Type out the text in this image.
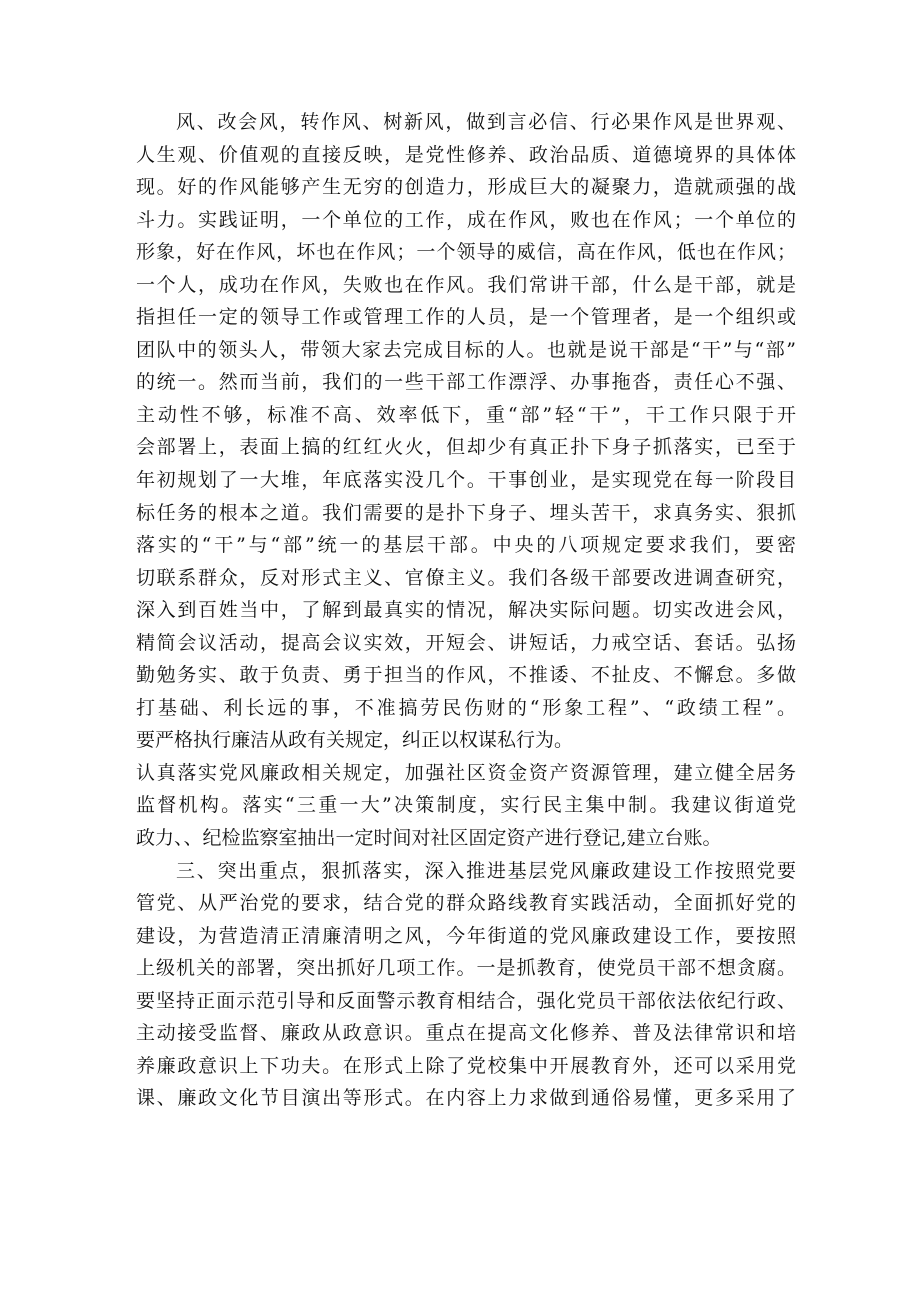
风、改会风，转作风、树新风，做到言必信、行必果作风是世界观、
人生观、价值观的直接反映，是党性修养、政治品质、道德境界的具体体
现。好的作风能够产生无穷的创造力，形成巨大的凝聚力，造就顽强的战
斗力。实践证明，一个单位的工作，成在作风，败也在作风；一个单位的
形象，好在作风，坏也在作风；一个领导的威信，高在作风，低也在作风；
一个人，成功在作风，失败也在作风。我们常讲干部，什么是干部，就是
指担任一定的领导工作或管理工作的人员，是一个管理者，是一个组织或
团队中的领头人，带领大家去完成目标的人。也就是说干部是“干”与“部”
的统一。然而当前，我们的一些干部工作漂浮、办事拖沓，责任心不强、
主动性不够，标准不高、效率低下，重“部”轻“干”，干工作只限于开
会部署上，表面上搞的红红火火，但却少有真正扑下身子抓落实，已至于
年初规划了一大堆，年底落实没几个。干事创业，是实现党在每一阶段目
标任务的根本之道。我们需要的是扑下身子、埋头苦干，求真务实、狠抓
落实的“干”与“部”统一的基层干部。中央的八项规定要求我们，要密
切联系群众，反对形式主义、官僚主义。我们各级干部要改进调查研究，
深入到百姓当中，了解到最真实的情况，解决实际问题。切实改进会风，
精简会议活动，提高会议实效，开短会、讲短话，力戒空话、套话。弘扬
勤勉务实、敢于负责、勇于担当的作风，不推诿、不扯皮、不懈怠。多做
打基础、利长远的事，不准搞劳民伤财的“形象工程”、“政绩工程”。
要严格执行廉洁从政有关规定，纠正以权谋私行为。
认真落实党风廉政相关规定，加强社区资金资产资源管理，建立健全居务
监督机构。落实“三重一大”决策制度，实行民主集中制。我建议街道党
政力、、纪检监察室抽出一定时间对社区固定资产进行登记,建立台账。
三、突出重点，狠抓落实，深入推进基层党风廉政建设工作按照党要
管党、从严治党的要求，结合党的群众路线教育实践活动，全面抓好党的
建设，为营造清正清廉清明之风，今年街道的党风廉政建设工作，要按照
上级机关的部署，突出抓好几项工作。一是抓教育，使党员干部不想贪腐。
要坚持正面示范引导和反面警示教育相结合，强化党员干部依法依纪行政、
主动接受监督、廉政从政意识。重点在提高文化修养、普及法律常识和培
养廉政意识上下功夫。在形式上除了党校集中开展教育外，还可以采用党
课、廉政文化节目演出等形式。在内容上力求做到通俗易懂，更多采用了
